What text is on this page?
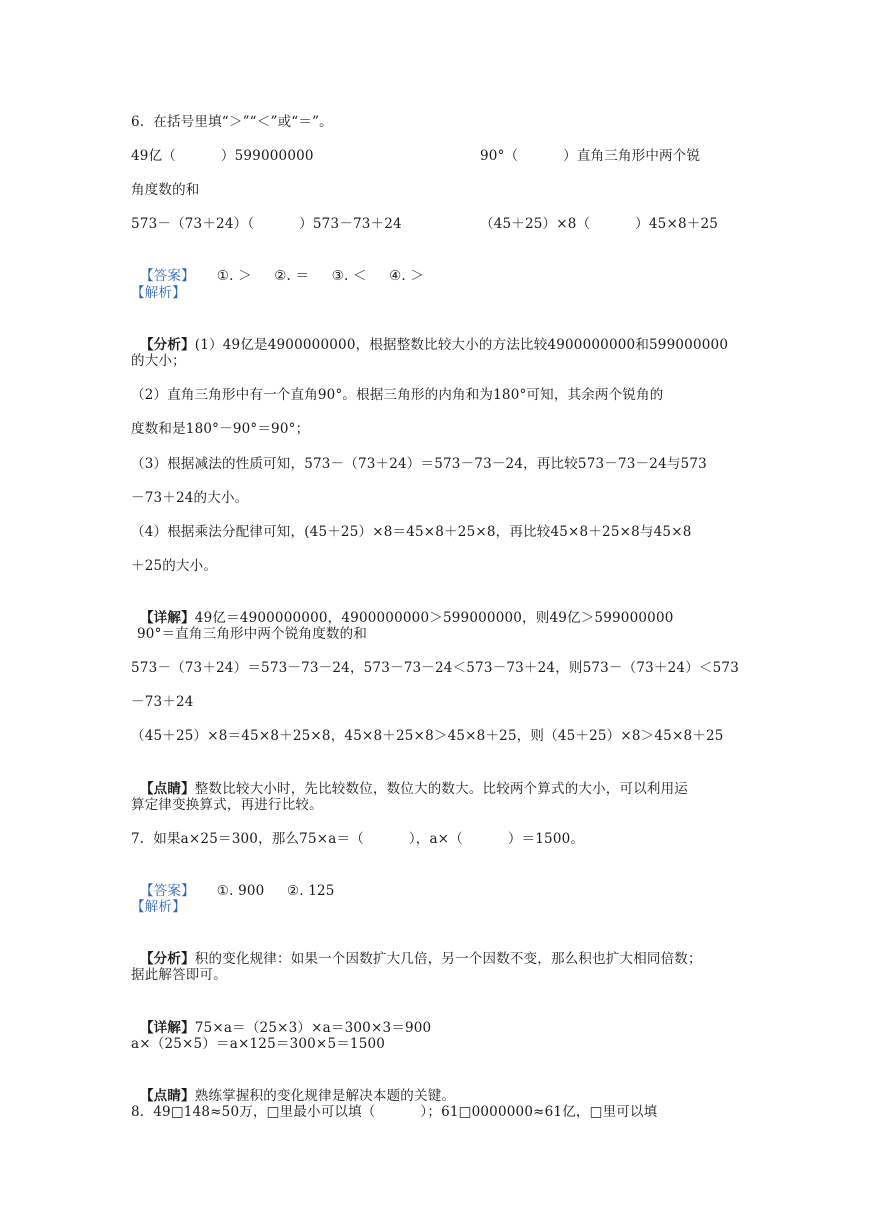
6.  在括号里填“＞”“＜”或“＝”。
49亿（          ）599000000	90°（          ）直角三角形中两个锐
角度数的和
573－（73＋24）（          ）573－73＋24	（45＋25）×8（          ）45×8＋25

【答案】 ①. ＞     ②. ＝     ③. ＜     ④. ＞

【解析】

【分析】(1）49亿是4900000000，根据整数比较大小的方法比较4900000000和599000000

的大小；
（2）直角三角形中有一个直角90°。根据三角形的内角和为180°可知，其余两个锐角的
度数和是180°－90°＝90°；
（3）根据减法的性质可知，573－（73＋24）＝573－73－24，再比较573－73－24与573
－73＋24的大小。
（4）根据乘法分配律可知，(45＋25）×8＝45×8＋25×8，再比较45×8＋25×8与45×8
＋25的大小。

【详解】49亿＝4900000000，4900000000＞599000000，则49亿＞599000000

90°＝直角三角形中两个锐角度数的和
573－（73＋24）＝573－73－24，573－73－24＜573－73＋24，则573－（73＋24）＜573
－73＋24
（45＋25）×8＝45×8＋25×8，45×8＋25×8＞45×8＋25，则（45＋25）×8＞45×8＋25

【点睛】整数比较大小时，先比较数位，数位大的数大。比较两个算式的大小，可以利用运

算定律变换算式，再进行比较。
7.  如果a×25＝300，那么75×a＝（          ），a×（          ）＝1500。

【答案】 ①. 900     ②. 125

【解析】

【分析】积的变化规律：如果一个因数扩大几倍，另一个因数不变，那么积也扩大相同倍数；

据此解答即可。

【详解】75×a＝（25×3）×a＝300×3＝900

a×（25×5）＝a×125＝300×5＝1500

【点睛】熟练掌握积的变化规律是解决本题的关键。

8.  49□148≈50万，□里最小可以填（          ）；61□0000000≈61亿，□里可以填
